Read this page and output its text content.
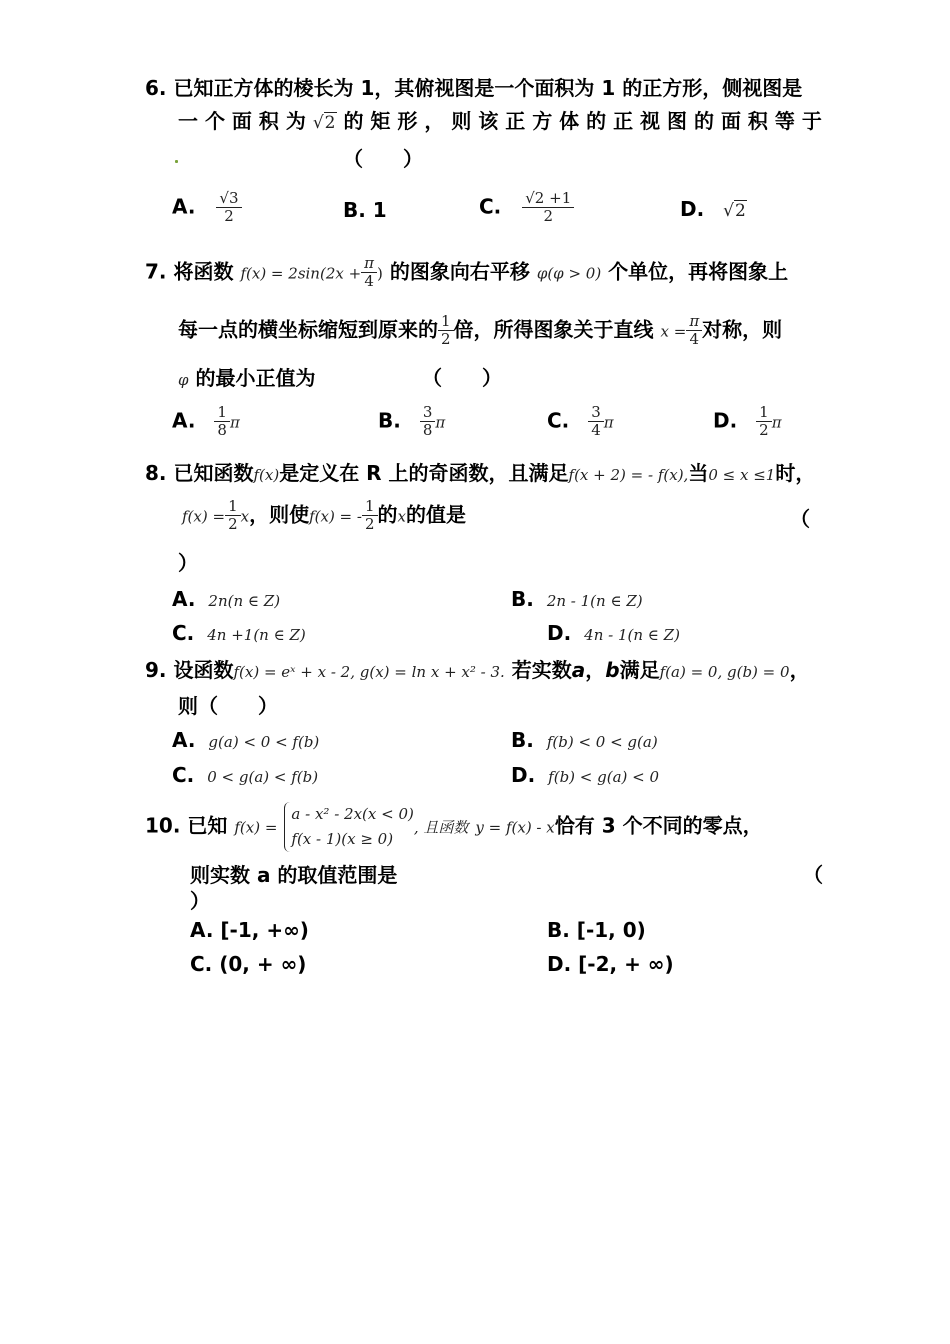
6. 已知正方体的棱长为 1，其俯视图是一个面积为 1 的正方形，侧视图是
一 个 面 积 为 √2 的 矩 形 ， 则 该 正 方 体 的 正 视 图 的 面 积 等 于
（　　）
A. $\frac{√3}{2}$	B. 1	C. $\frac{√2 +1}{2}$	D. √2
7. 将函数 $f(x) = 2\sin(2x + \frac{\pi}{4}$ ) 的图象向右平移 φ(φ > 0) 个单位，再将图象上
每一点的横坐标缩短到原来的 $\frac{1}{2}$ 倍，所得图象关于直线 $x = \frac{\pi}{4}$ 对称，则
φ 的最小正值为	（　　）
A. $\frac{1}{8}$ π	B. $\frac{3}{8}$ π	C. $\frac{3}{4}$ π	D. $\frac{1}{2}$ π
8. 已知函数f(x)是定义在 R 上的奇函数，且满足f(x + 2) = - f(x),当0 ≤ x ≤1时，
$f(x) = \frac{1}{2}$ x，则使f(x) = - $\frac{1}{2}$ 的x的值是	（
）
A. 2n(n ∈ Z)	B. 2n - 1(n ∈ Z)
C. 4n +1(n ∈ Z)	D. 4n - 1(n ∈ Z)
9. 设函数f(x) = eˣ + x - 2, g(x) = ln x + x² - 3. 若实数a，b满足f(a) = 0, g(b) = 0，
则（　　）
A. g(a) < 0 < f(b)	B. f(b) < 0 < g(a)
C. 0 < g(a) < f(b)	D. f(b) < g(a) < 0
10. 已知 f(x) =
a - x² - 2x(x < 0)
f(x - 1)(x ≥ 0)
, 且函数 y = f(x) - x恰有 3 个不同的零点，
则实数 a 的取值范围是	（
）
A. [-1, +∞)	B. [-1, 0)
C. (0, + ∞)	D. [-2, + ∞)
